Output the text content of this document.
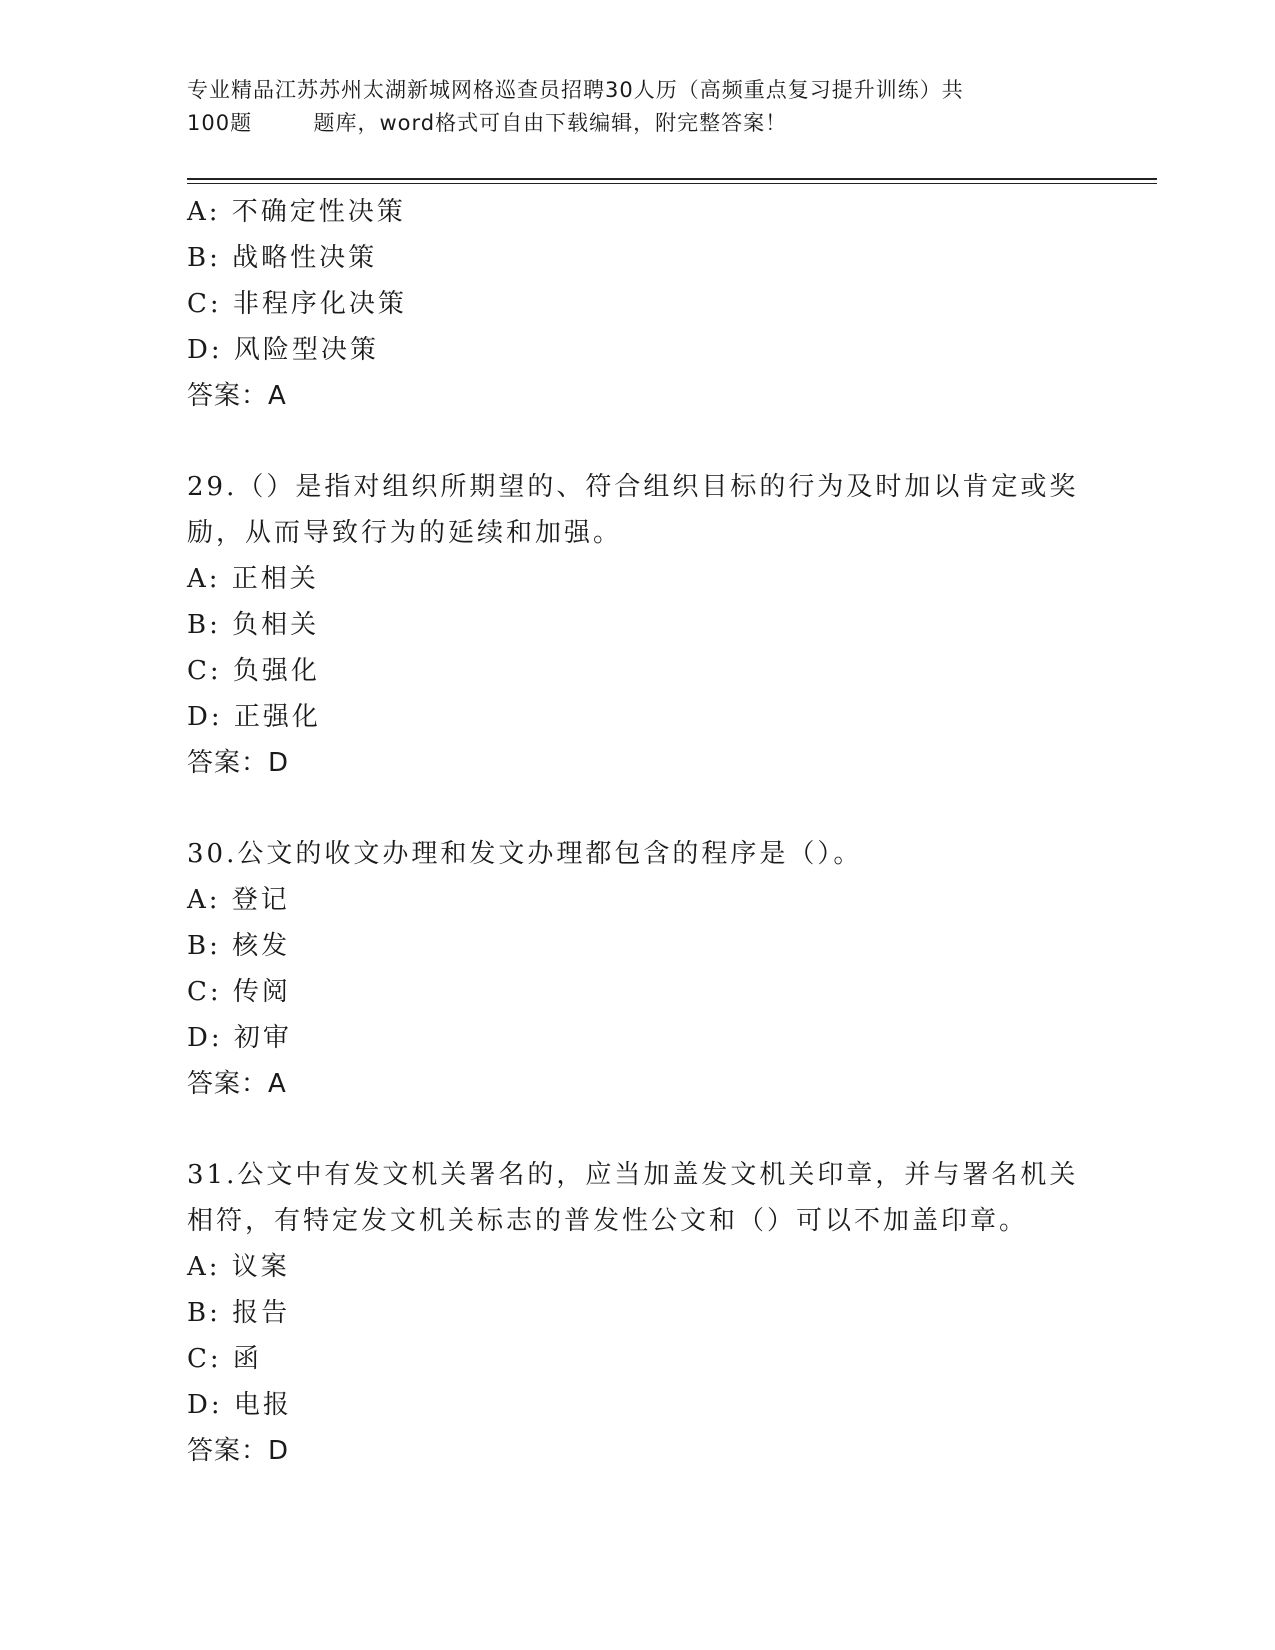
专业精品江苏苏州太湖新城网格巡查员招聘30人历（高频重点复习提升训练）共
100题        题库，word格式可自由下载编辑，附完整答案！
A: 不确定性决策
B: 战略性决策
C: 非程序化决策
D: 风险型决策
答案：A
29.（）是指对组织所期望的、符合组织目标的行为及时加以肯定或奖
励，从而导致行为的延续和加强。
A: 正相关
B: 负相关
C: 负强化
D: 正强化
答案：D
30.公文的收文办理和发文办理都包含的程序是（）。
A: 登记
B: 核发
C: 传阅
D: 初审
答案：A
31.公文中有发文机关署名的，应当加盖发文机关印章，并与署名机关
相符，有特定发文机关标志的普发性公文和（）可以不加盖印章。
A: 议案
B: 报告
C: 函
D: 电报
答案：D
